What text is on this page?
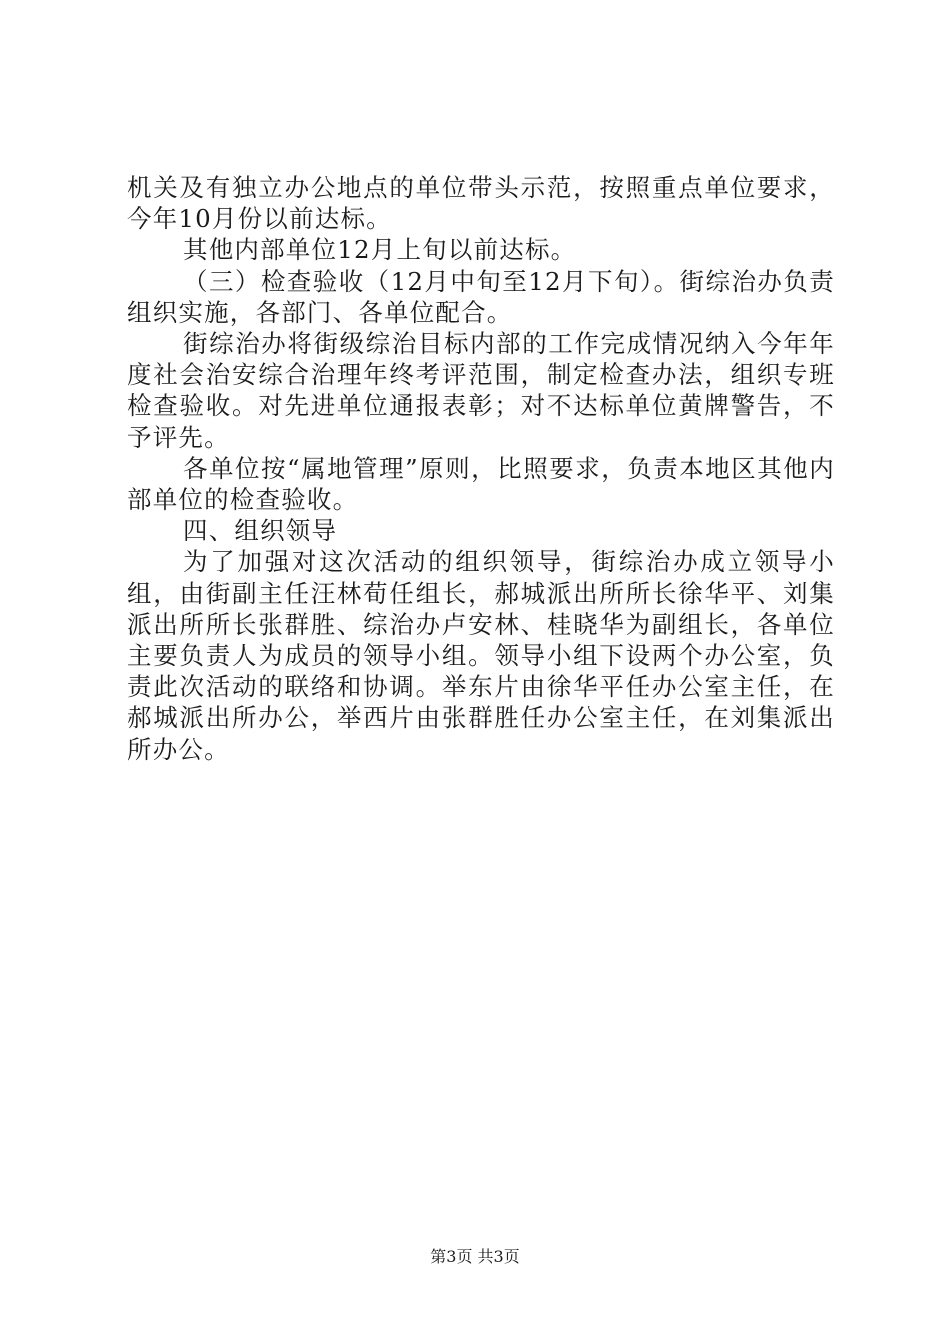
机关及有独立办公地点的单位带头示范，按照重点单位要求，今年10月份以前达标。

其他内部单位12月上旬以前达标。

（三）检查验收（12月中旬至12月下旬）。街综治办负责组织实施，各部门、各单位配合。

街综治办将街级综治目标内部的工作完成情况纳入今年年度社会治安综合治理年终考评范围，制定检查办法，组织专班检查验收。对先进单位通报表彰；对不达标单位黄牌警告，不予评先。

各单位按“属地管理”原则，比照要求，负责本地区其他内部单位的检查验收。

四、组织领导

为了加强对这次活动的组织领导，街综治办成立领导小组，由街副主任汪林荀任组长，郝城派出所所长徐华平、刘集派出所所长张群胜、综治办卢安林、桂晓华为副组长，各单位主要负责人为成员的领导小组。领导小组下设两个办公室，负责此次活动的联络和协调。举东片由徐华平任办公室主任，在郝城派出所办公，举西片由张群胜任办公室主任，在刘集派出所办公。

第3页 共3页
